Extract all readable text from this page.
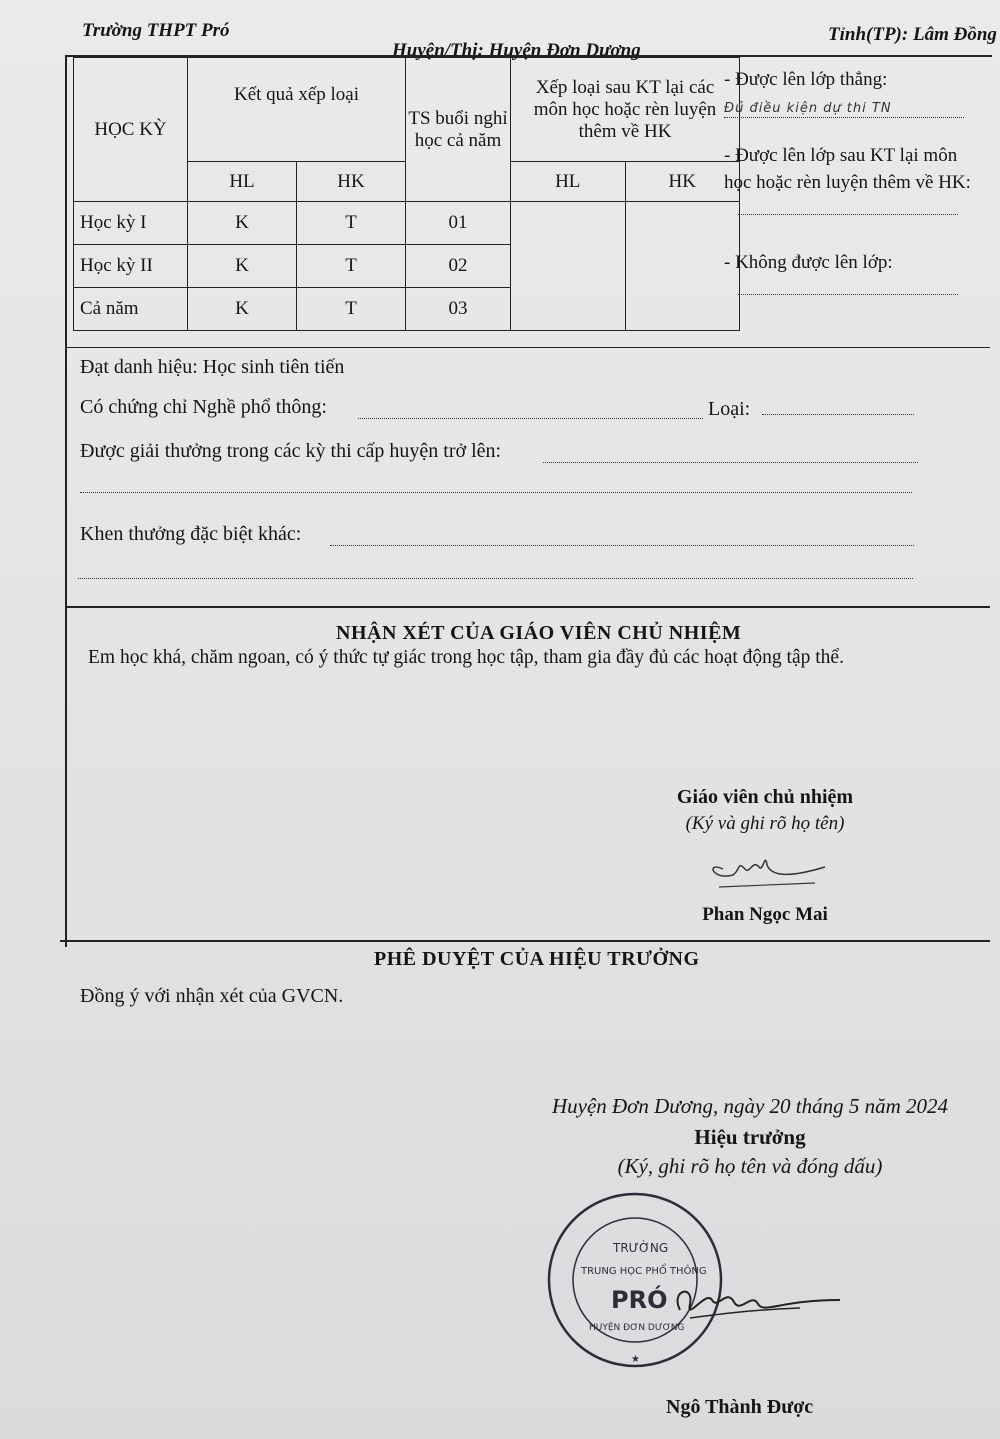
Trường THPT Pró
Huyện/Thị: Huyện Đơn Dương
Tỉnh(TP): Lâm Đồng
HỌC KỲ	Kết quả xếp loại		TS buổi nghỉ học cả năm	Xếp loại sau KT lại các môn học hoặc rèn luyện thêm về HK	
	HL	HK		HL	HK
Học kỳ I	K	T	01		
Học kỳ II	K	T	02		
Cả năm	K	T	03		
- Được lên lớp thẳng:
Đủ điều kiện dự thi TN
- Được lên lớp sau KT lại môn học hoặc rèn luyện thêm về HK:
- Không được lên lớp:
Đạt danh hiệu: Học sinh tiên tiến
Có chứng chỉ Nghề phổ thông:	Loại:
Được giải thưởng trong các kỳ thi cấp huyện trở lên:
Khen thưởng đặc biệt khác:
NHẬN XÉT CỦA GIÁO VIÊN CHỦ NHIỆM
Em học khá, chăm ngoan, có ý thức tự giác trong học tập, tham gia đầy đủ các hoạt động tập thể.
Giáo viên chủ nhiệm
(Ký và ghi rõ họ tên)
Phan Ngọc Mai
PHÊ DUYỆT CỦA HIỆU TRƯỞNG
Đồng ý với nhận xét của GVCN.
Huyện Đơn Dương, ngày 20 tháng 5 năm 2024
Hiệu trưởng
(Ký, ghi rõ họ tên và đóng dấu)
TRƯỜNG
TRUNG HỌC PHỔ THÔNG
PRÓ
HUYỆN ĐƠN DƯƠNG
★
Ngô Thành Được
